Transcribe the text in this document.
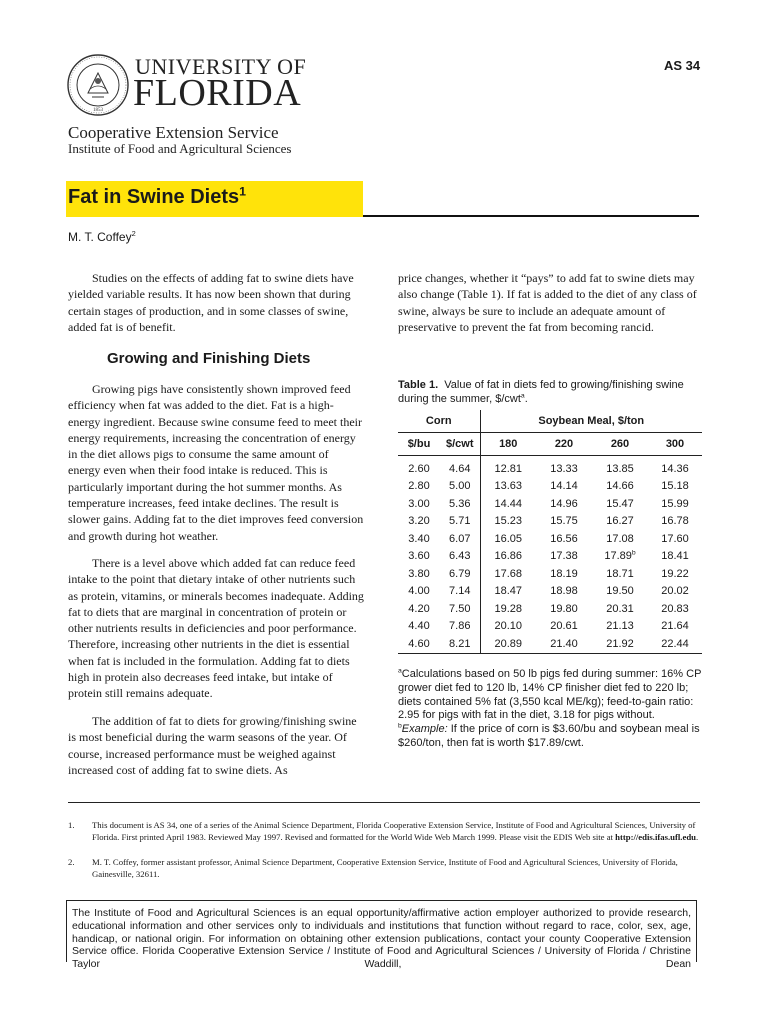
1853
UNIVERSITY OF
FLORIDA
Cooperative Extension Service
Institute of Food and Agricultural Sciences
AS 34
Fat in Swine Diets$^1$
M. T. Coffey$^2$

Studies on the effects of adding fat to swine diets have yielded variable results. It has now been shown that during certain stages of production, and in some classes of swine, added fat is of benefit.

Growing and Finishing Diets

Growing pigs have consistently shown improved feed efficiency when fat was added to the diet. Fat is a high-energy ingredient. Because swine consume feed to meet their energy requirements, increasing the concentration of energy in the diet allows pigs to consume the same amount of energy even when their food intake is reduced. This is particularly important during the hot summer months. As temperature increases, feed intake declines. The result is slower gains. Adding fat to the diet improves feed conversion and growth during hot weather.

There is a level above which added fat can reduce feed intake to the point that dietary intake of other nutrients such as protein, vitamins, or minerals becomes inadequate. Adding fat to diets that are marginal in concentration of protein or other nutrients results in deficiencies and poor performance. Therefore, increasing other nutrients in the diet is essential when fat is included in the formulation. Adding fat to diets high in protein also decreases feed intake, but intake of protein still remains adequate.

The addition of fat to diets for growing/finishing swine is most beneficial during the warm seasons of the year. Of course, increased performance must be weighed against increased cost of adding fat to swine diets. As

price changes, whether it “pays” to add fat to swine diets may also change (Table 1). If fat is added to the diet of any class of swine, always be sure to include an adequate amount of preservative to prevent the fat from becoming rancid.

Table 1. Value of fat in diets fed to growing/finishing swine during the summer, $/cwt$^a$.
Corn		Soybean Meal, $/ton			
$/bu	$/cwt	180	220	260	300
2.60	4.64	12.81	13.33	13.85	14.36
2.80	5.00	13.63	14.14	14.66	15.18
3.00	5.36	14.44	14.96	15.47	15.99
3.20	5.71	15.23	15.75	16.27	16.78
3.40	6.07	16.05	16.56	17.08	17.60
3.60	6.43	16.86	17.38	17.89$^b$	18.41
3.80	6.79	17.68	18.19	18.71	19.22
4.00	7.14	18.47	18.98	19.50	20.02
4.20	7.50	19.28	19.80	20.31	20.83
4.40	7.86	20.10	20.61	21.13	21.64
4.60	8.21	20.89	21.40	21.92	22.44
$^a$Calculations based on 50 lb pigs fed during summer: 16% CP grower diet fed to 120 lb, 14% CP finisher diet fed to 220 lb; diets contained 5% fat (3,550 kcal ME/kg); feed-to-gain ratio: 2.95 for pigs with fat in the diet, 3.18 for pigs without.
$^b$Example: If the price of corn is $3.60/bu and soybean meal is $260/ton, then fat is worth $17.89/cwt.
1. This document is AS 34, one of a series of the Animal Science Department, Florida Cooperative Extension Service, Institute of Food and Agricultural Sciences, University of Florida. First printed April 1983. Reviewed May 1997. Revised and formatted for the World Wide Web March 1999. Please visit the EDIS Web site at http://edis.ifas.ufl.edu.
2. M. T. Coffey, former assistant professor, Animal Science Department, Cooperative Extension Service, Institute of Food and Agricultural Sciences, University of Florida, Gainesville, 32611.
The Institute of Food and Agricultural Sciences is an equal opportunity/affirmative action employer authorized to provide research, educational information and other services only to individuals and institutions that function without regard to race, color, sex, age, handicap, or national origin. For information on obtaining other extension publications, contact your county Cooperative Extension Service office. Florida Cooperative Extension Service / Institute of Food and Agricultural Sciences / University of Florida / Christine Taylor Waddill, Dean
